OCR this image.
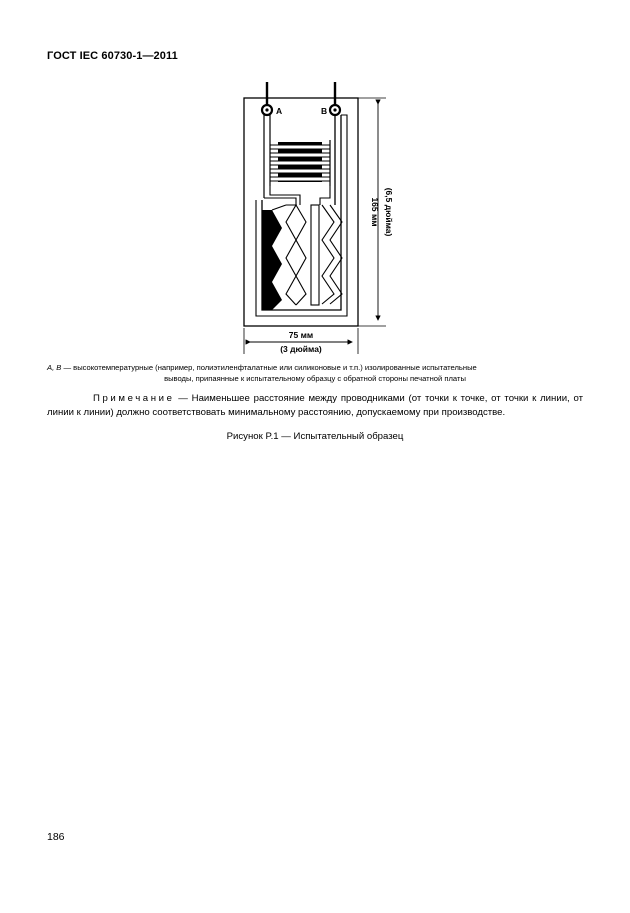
ГОСТ IEC 60730-1—2011
A	B
75 мм
(3 дюйма)
165 мм (6,5 дюйма)
A, B — высокотемпературные (например, полиэтиленфталатные или силиконовые и т.п.) изолированные испытательные
выводы, припаянные к испытательному образцу с обратной стороны печатной платы
Примечание — Наименьшее расстояние между проводниками (от точки к точке, от точки к линии, от линии к линии) должно соответствовать минимальному расстоянию, допускаемому при производстве.
Рисунок P.1 — Испытательный образец
186
